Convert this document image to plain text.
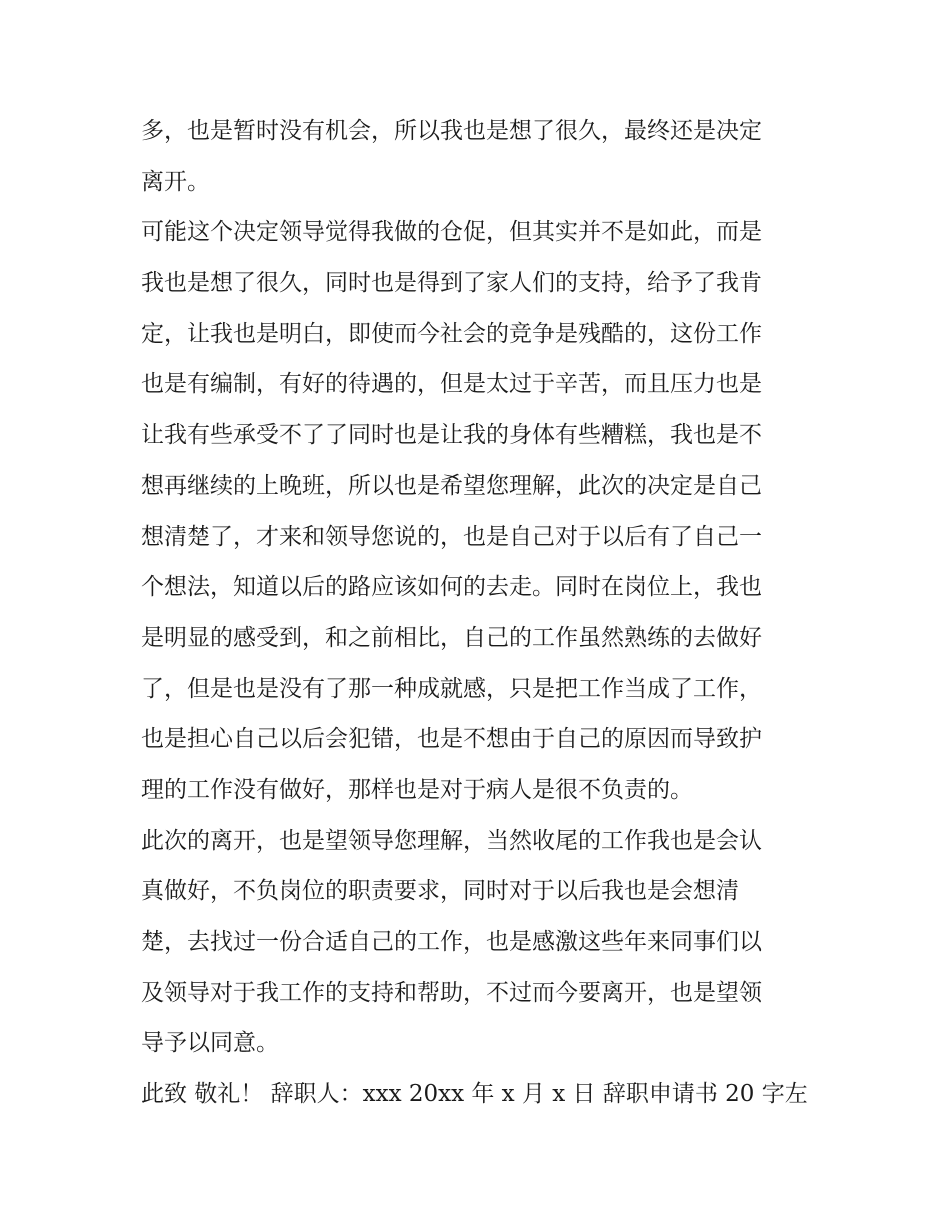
多，也是暂时没有机会，所以我也是想了很久，最终还是决定
离开。
可能这个决定领导觉得我做的仓促，但其实并不是如此，而是
我也是想了很久，同时也是得到了家人们的支持，给予了我肯
定，让我也是明白，即使而今社会的竞争是残酷的，这份工作
也是有编制，有好的待遇的，但是太过于辛苦，而且压力也是
让我有些承受不了了同时也是让我的身体有些糟糕，我也是不
想再继续的上晚班，所以也是希望您理解，此次的决定是自己
想清楚了，才来和领导您说的，也是自己对于以后有了自己一
个想法，知道以后的路应该如何的去走。同时在岗位上，我也
是明显的感受到，和之前相比，自己的工作虽然熟练的去做好
了，但是也是没有了那一种成就感，只是把工作当成了工作，
也是担心自己以后会犯错，也是不想由于自己的原因而导致护
理的工作没有做好，那样也是对于病人是很不负责的。
此次的离开，也是望领导您理解，当然收尾的工作我也是会认
真做好，不负岗位的职责要求，同时对于以后我也是会想清
楚，去找过一份合适自己的工作，也是感激这些年来同事们以
及领导对于我工作的支持和帮助，不过而今要离开，也是望领
导予以同意。
此致 敬礼！ 辞职人：xxx 20xx 年 x 月 x 日 辞职申请书 20 字左
